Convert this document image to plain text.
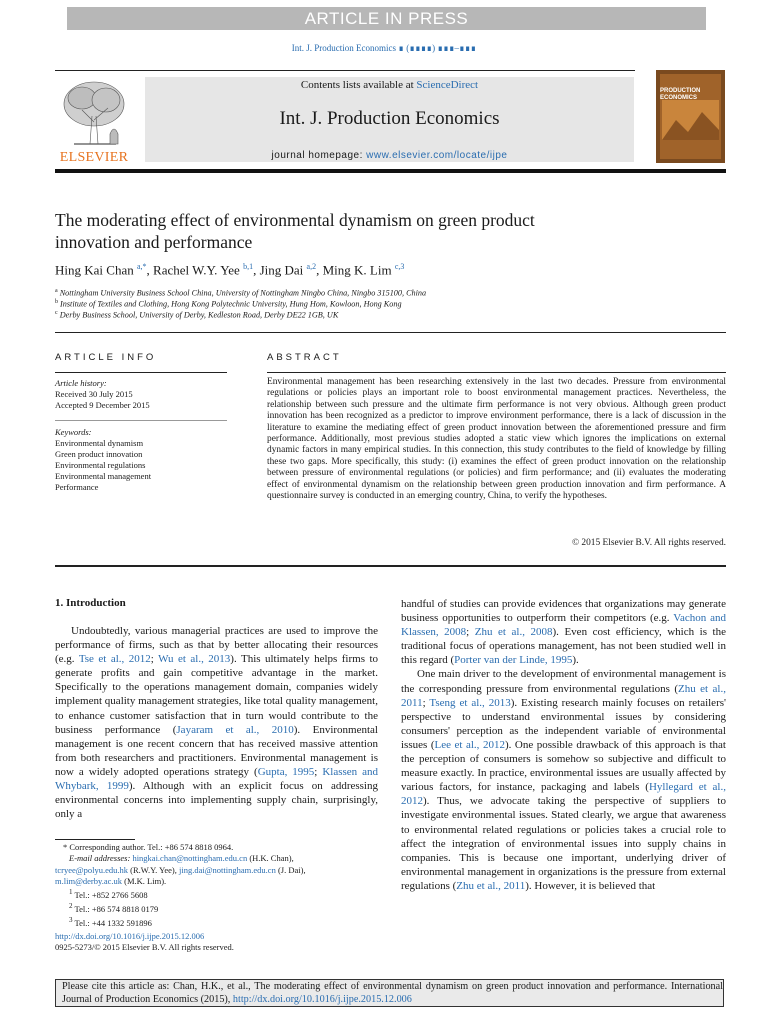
ARTICLE IN PRESS
Int. J. Production Economics ∎ (∎∎∎∎) ∎∎∎–∎∎∎
ELSEVIER
Contents lists available at ScienceDirect
Int. J. Production Economics
journal homepage: www.elsevier.com/locate/ijpe
PRODUCTION ECONOMICS
The moderating effect of environmental dynamism on green product
innovation and performance
Hing Kai Chan $^{a,*}$, Rachel W.Y. Yee $^{b,1}$, Jing Dai $^{a,2}$, Ming K. Lim $^{c,3}$
$^a$ Nottingham University Business School China, University of Nottingham Ningbo China, Ningbo 315100, China
$^b$ Institute of Textiles and Clothing, Hong Kong Polytechnic University, Hung Hom, Kowloon, Hong Kong
$^c$ Derby Business School, University of Derby, Kedleston Road, Derby DE22 1GB, UK
ARTICLE INFO
Article history:
Received 30 July 2015
Accepted 9 December 2015
Keywords:
Environmental dynamism
Green product innovation
Environmental regulations
Environmental management
Performance
ABSTRACT
Environmental management has been researching extensively in the last two decades. Pressure from environmental regulations or policies plays an important role to boost environmental management practices. Nevertheless, the relationship between such pressure and the ultimate firm performance is not very obvious. Although green product innovation has been recognized as a predictor to improve environment performance, there is a lack of discussion in the literature to examine the mediating effect of green product innovation between the aforementioned pressure and firm performance. Additionally, most previous studies adopted a static view which ignores the implications on external dynamic factors in many empirical studies. In this connection, this study contributes to the field of knowledge by filling these two gaps. More specifically, this study: (i) examines the effect of green product innovation on the relationship between pressure of environmental regulations (or policies) and firm performance; and (ii) evaluates the moderating effect of environmental dynamism on the relationship between green production innovation and firm performance. A questionnaire survey is conducted in an emerging country, China, to verify the hypotheses.
© 2015 Elsevier B.V. All rights reserved.
1. Introduction
Undoubtedly, various managerial practices are used to improve the performance of firms, such as that by better allocating their resources (e.g. Tse et al., 2012; Wu et al., 2013). This ultimately helps firms to generate profits and gain competitive advantage in the market. Specifically to the operations management domain, companies widely implement quality management strategies, like total quality management, to enhance customer satisfaction that in turn would contribute to the business performance (Jayaram et al., 2010). Environmental management is one recent concern that has received massive attention from both researchers and practitioners. Environmental management is now a widely adopted operations strategy (Gupta, 1995; Klassen and Whybark, 1999). Although with an explicit focus on addressing environmental concerns into implementing supply chain, surprisingly, only a
handful of studies can provide evidences that organizations may generate business opportunities to outperform their competitors (e.g. Vachon and Klassen, 2008; Zhu et al., 2008). Even cost efficiency, which is the traditional focus of operations management, has not been studied well in this regard (Porter van der Linde, 1995).
One main driver to the development of environmental management is the corresponding pressure from environmental regulations (Zhu et al., 2011; Tseng et al., 2013). Existing research mainly focuses on retailers' perspective to understand environmental issues by considering consumers' perception as the independent variable of environmental issues (Lee et al., 2012). One possible drawback of this approach is that the perception of consumers is somehow so subjective and difficult to measure exactly. In practice, environmental issues are usually affected by various factors, for instance, packaging and labels (Hyllegard et al., 2012). Thus, we advocate taking the perspective of suppliers to investigate environmental issues. Stated clearly, we argue that awareness to environmental related regulations or policies takes a crucial role to affect the integration of environmental issues into supply chains in companies. This is because one important, underlying driver of environmental management in organizations is the pressure from external regulations (Zhu et al., 2011). However, it is believed that
* Corresponding author. Tel.: +86 574 8818 0964.
E-mail addresses: hingkai.chan@nottingham.edu.cn (H.K. Chan),
tcryee@polyu.edu.hk (R.W.Y. Yee), jing.dai@nottingham.edu.cn (J. Dai),
m.lim@derby.ac.uk (M.K. Lim).
$^1$ Tel.: +852 2766 5608
$^2$ Tel.: +86 574 8818 0179
$^3$ Tel.: +44 1332 591896
http://dx.doi.org/10.1016/j.ijpe.2015.12.006
0925-5273/© 2015 Elsevier B.V. All rights reserved.
Please cite this article as: Chan, H.K., et al., The moderating effect of environmental dynamism on green product innovation and performance. International Journal of Production Economics (2015), http://dx.doi.org/10.1016/j.ijpe.2015.12.006
